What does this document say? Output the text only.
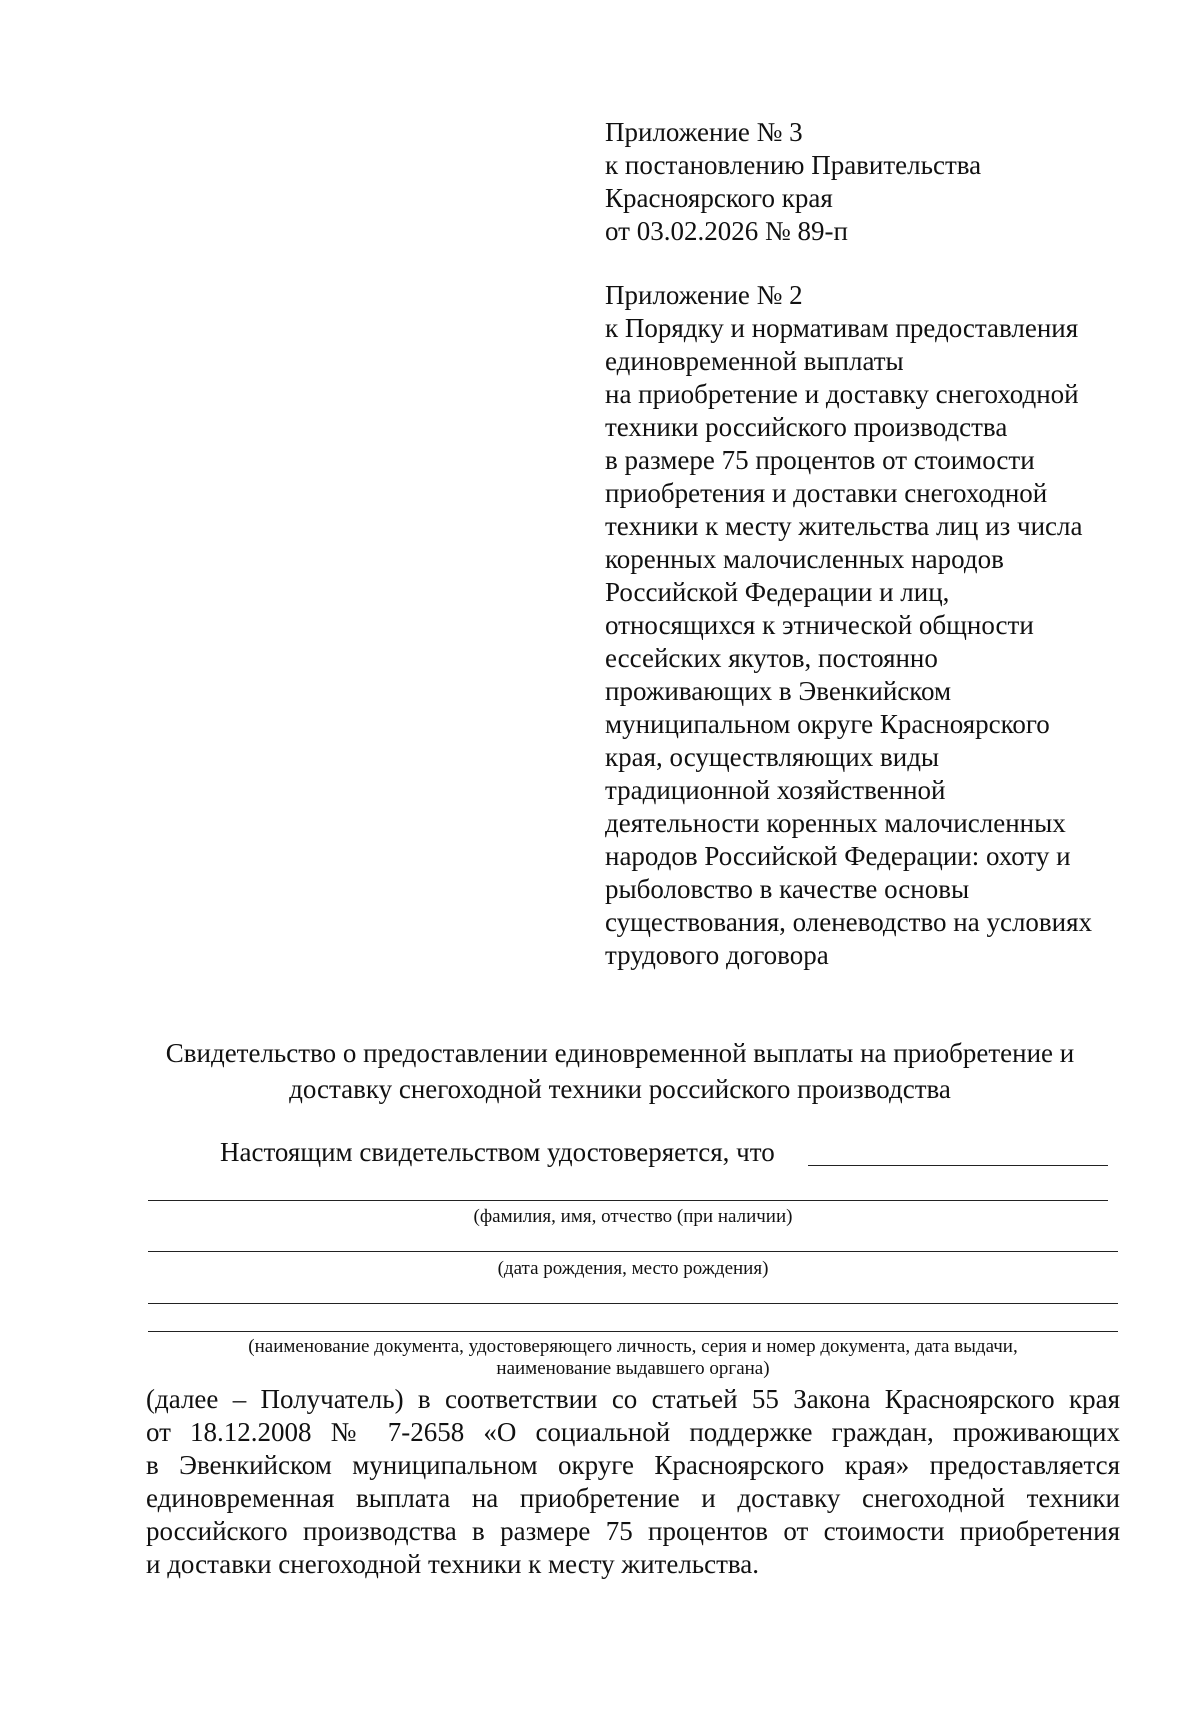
Приложение № 3
к постановлению Правительства
Красноярского края
от 03.02.2026 № 89-п
Приложение № 2
к Порядку и нормативам предоставления
единовременной выплаты
на приобретение и доставку снегоходной
техники российского производства
в размере 75 процентов от стоимости
приобретения и доставки снегоходной
техники к месту жительства лиц из числа
коренных малочисленных народов
Российской Федерации и лиц,
относящихся к этнической общности
ессейских якутов, постоянно
проживающих в Эвенкийском
муниципальном округе Красноярского
края, осуществляющих виды
традиционной хозяйственной
деятельности коренных малочисленных
народов Российской Федерации: охоту и
рыболовство в качестве основы
существования, оленеводство на условиях
трудового договора
Свидетельство о предоставлении единовременной выплаты на приобретение и
доставку снегоходной техники российского производства
Настоящим свидетельством удостоверяется, что
(фамилия, имя, отчество (при наличии)
(дата рождения, место рождения)
(наименование документа, удостоверяющего личность, серия и номер документа, дата выдачи,
наименование выдавшего органа)
(далее – Получатель) в соответствии со статьей 55 Закона Красноярского края
от 18.12.2008 № 7-2658 «О социальной поддержке граждан, проживающих
в Эвенкийском муниципальном округе Красноярского края» предоставляется
единовременная выплата на приобретение и доставку снегоходной техники
российского производства в размере 75 процентов от стоимости приобретения
и доставки снегоходной техники к месту жительства.
